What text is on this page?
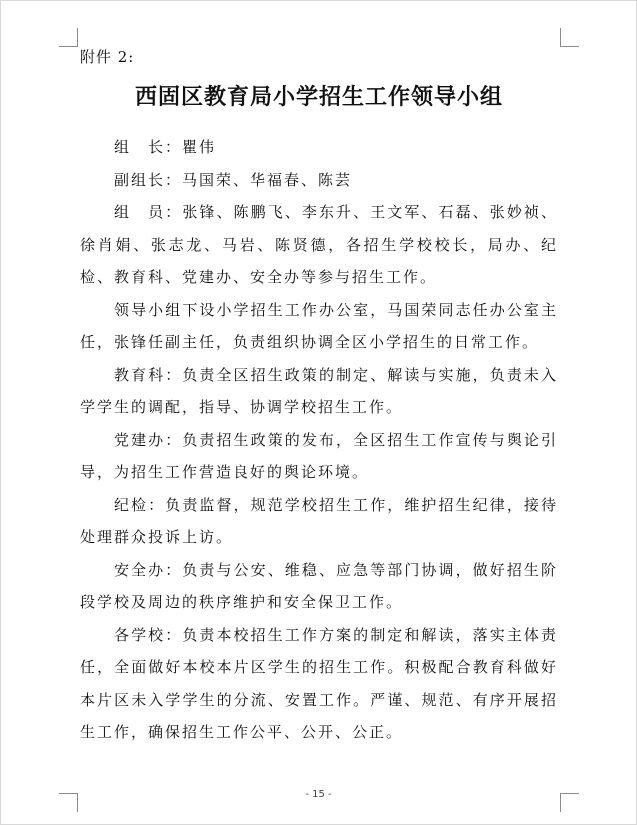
附件 2:
西固区教育局小学招生工作领导小组

组　长：瞿伟

副组长：马国荣、华福春、陈芸

组　员：张锋、陈鹏飞、李东升、王文军、石磊、张妙祯、徐肖娟、张志龙、马岩、陈贤德，各招生学校校长，局办、纪检、教育科、党建办、安全办等参与招生工作。

领导小组下设小学招生工作办公室，马国荣同志任办公室主任，张锋任副主任，负责组织协调全区小学招生的日常工作。

教育科：负责全区招生政策的制定、解读与实施，负责未入学学生的调配，指导、协调学校招生工作。

党建办：负责招生政策的发布，全区招生工作宣传与舆论引导，为招生工作营造良好的舆论环境。

纪检：负责监督，规范学校招生工作，维护招生纪律，接待处理群众投诉上访。

安全办：负责与公安、维稳、应急等部门协调，做好招生阶段学校及周边的秩序维护和安全保卫工作。

各学校：负责本校招生工作方案的制定和解读，落实主体责任，全面做好本校本片区学生的招生工作。积极配合教育科做好本片区未入学学生的分流、安置工作。严谨、规范、有序开展招生工作，确保招生工作公平、公开、公正。

- 15 -
